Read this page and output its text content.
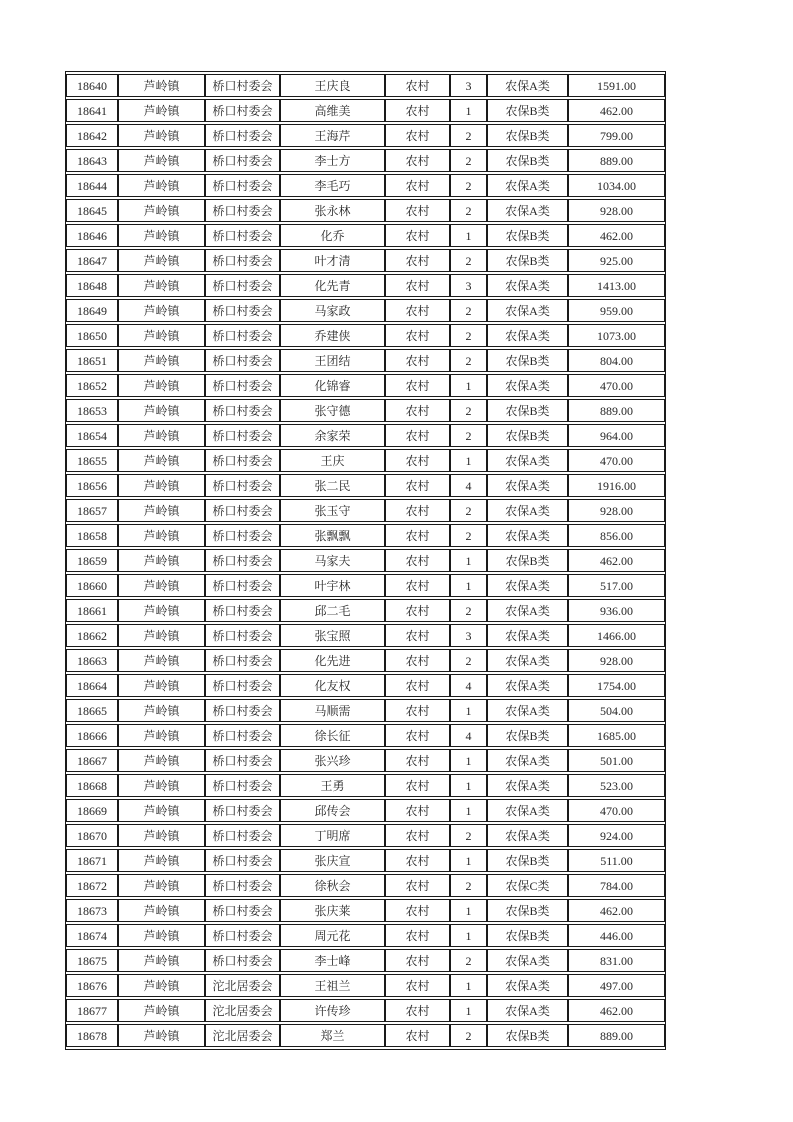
18640	芦岭镇	桥口村委会	王庆良	农村	3	农保A类	1591.00
18641	芦岭镇	桥口村委会	高维美	农村	1	农保B类	462.00
18642	芦岭镇	桥口村委会	王海芹	农村	2	农保B类	799.00
18643	芦岭镇	桥口村委会	李士方	农村	2	农保B类	889.00
18644	芦岭镇	桥口村委会	李毛巧	农村	2	农保A类	1034.00
18645	芦岭镇	桥口村委会	张永林	农村	2	农保A类	928.00
18646	芦岭镇	桥口村委会	化乔	农村	1	农保B类	462.00
18647	芦岭镇	桥口村委会	叶才清	农村	2	农保B类	925.00
18648	芦岭镇	桥口村委会	化先青	农村	3	农保A类	1413.00
18649	芦岭镇	桥口村委会	马家政	农村	2	农保A类	959.00
18650	芦岭镇	桥口村委会	乔建侠	农村	2	农保A类	1073.00
18651	芦岭镇	桥口村委会	王团结	农村	2	农保B类	804.00
18652	芦岭镇	桥口村委会	化锦睿	农村	1	农保A类	470.00
18653	芦岭镇	桥口村委会	张守德	农村	2	农保B类	889.00
18654	芦岭镇	桥口村委会	余家荣	农村	2	农保B类	964.00
18655	芦岭镇	桥口村委会	王庆	农村	1	农保A类	470.00
18656	芦岭镇	桥口村委会	张二民	农村	4	农保A类	1916.00
18657	芦岭镇	桥口村委会	张玉守	农村	2	农保A类	928.00
18658	芦岭镇	桥口村委会	张飘飘	农村	2	农保A类	856.00
18659	芦岭镇	桥口村委会	马家夫	农村	1	农保B类	462.00
18660	芦岭镇	桥口村委会	叶宇林	农村	1	农保A类	517.00
18661	芦岭镇	桥口村委会	邱二毛	农村	2	农保A类	936.00
18662	芦岭镇	桥口村委会	张宝照	农村	3	农保A类	1466.00
18663	芦岭镇	桥口村委会	化先进	农村	2	农保A类	928.00
18664	芦岭镇	桥口村委会	化友权	农村	4	农保A类	1754.00
18665	芦岭镇	桥口村委会	马顺需	农村	1	农保A类	504.00
18666	芦岭镇	桥口村委会	徐长征	农村	4	农保B类	1685.00
18667	芦岭镇	桥口村委会	张兴珍	农村	1	农保A类	501.00
18668	芦岭镇	桥口村委会	王勇	农村	1	农保A类	523.00
18669	芦岭镇	桥口村委会	邱传会	农村	1	农保A类	470.00
18670	芦岭镇	桥口村委会	丁明席	农村	2	农保A类	924.00
18671	芦岭镇	桥口村委会	张庆宣	农村	1	农保B类	511.00
18672	芦岭镇	桥口村委会	徐秋会	农村	2	农保C类	784.00
18673	芦岭镇	桥口村委会	张庆莱	农村	1	农保B类	462.00
18674	芦岭镇	桥口村委会	周元花	农村	1	农保B类	446.00
18675	芦岭镇	桥口村委会	李士峰	农村	2	农保A类	831.00
18676	芦岭镇	沱北居委会	王祖兰	农村	1	农保A类	497.00
18677	芦岭镇	沱北居委会	许传珍	农村	1	农保A类	462.00
18678	芦岭镇	沱北居委会	郑兰	农村	2	农保B类	889.00
